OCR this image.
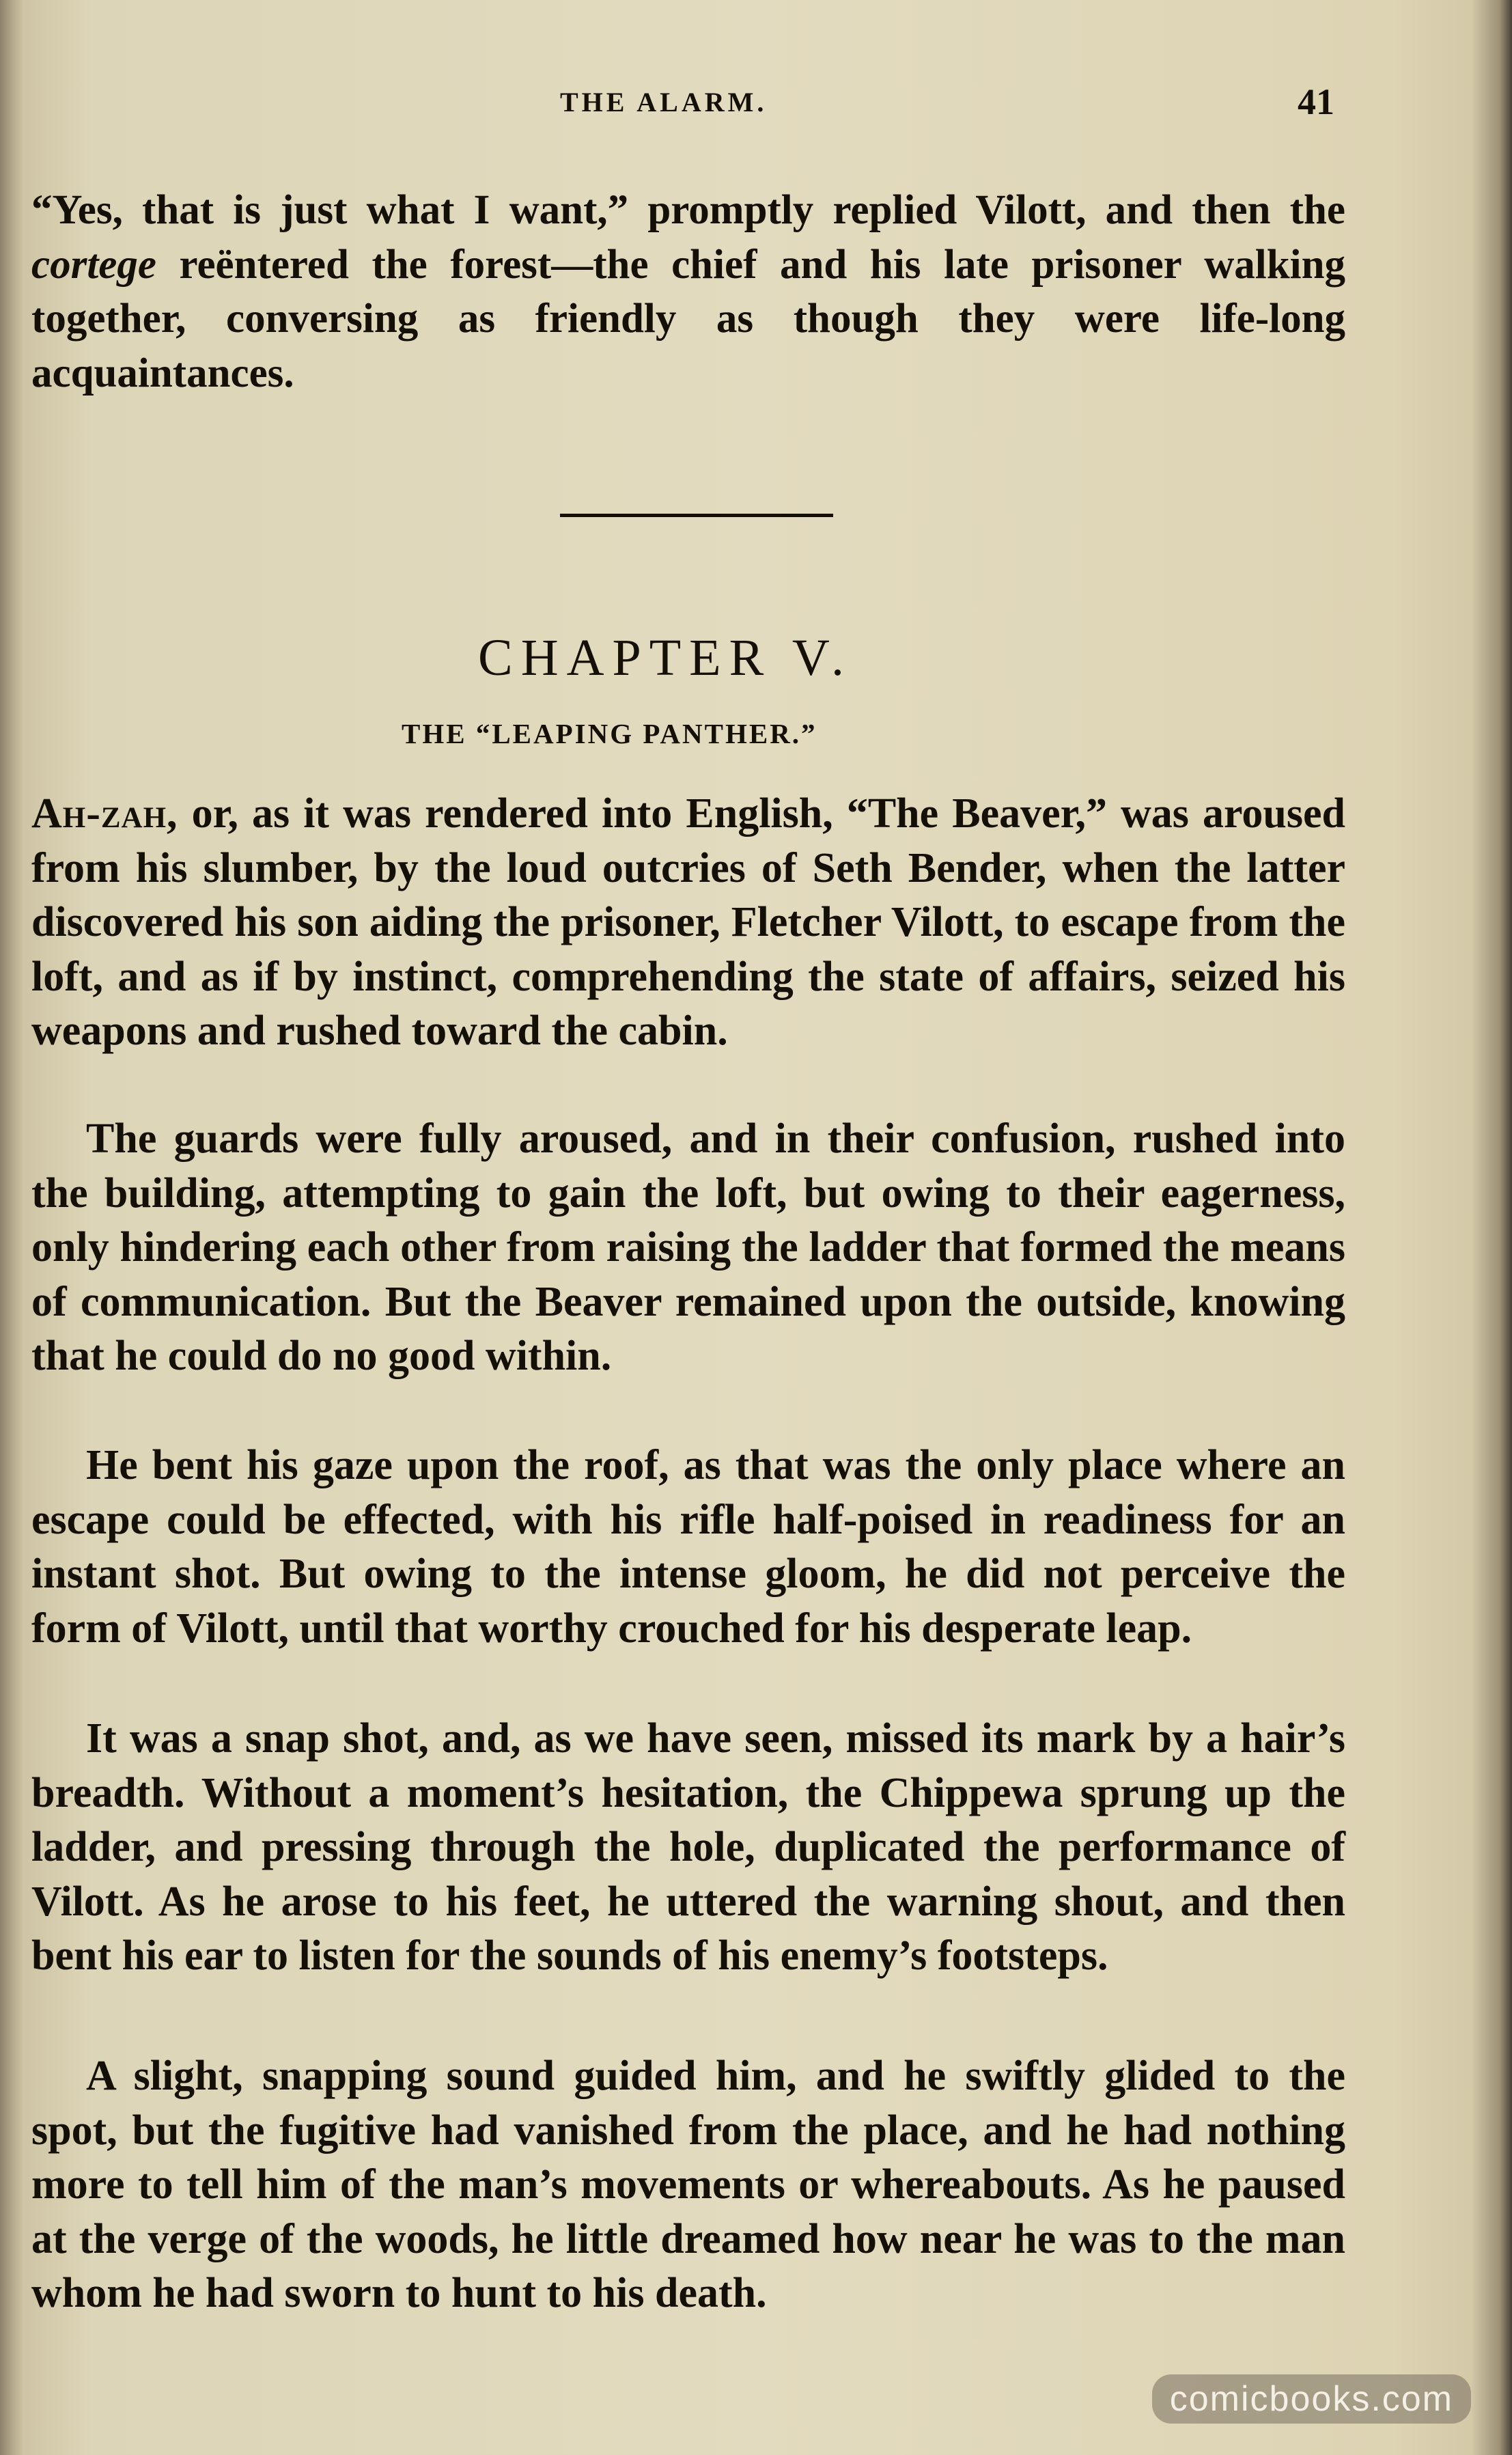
THE ALARM.	41

“Yes, that is just what I want,” promptly replied Vilott, and then the cortege reëntered the forest—the chief and his late prisoner walking together, conversing as friendly as though they were life-long acquaintances.

CHAPTER V.
THE “LEAPING PANTHER.”

Ah-zah, or, as it was rendered into English, “The Beaver,” was aroused from his slumber, by the loud outcries of Seth Bender, when the latter discovered his son aiding the prisoner, Fletcher Vilott, to escape from the loft, and as if by instinct, comprehending the state of affairs, seized his weapons and rushed toward the cabin.

The guards were fully aroused, and in their confusion, rushed into the building, attempting to gain the loft, but owing to their eagerness, only hindering each other from raising the ladder that formed the means of communication. But the Beaver remained upon the outside, knowing that he could do no good within.

He bent his gaze upon the roof, as that was the only place where an escape could be effected, with his rifle half-poised in readiness for an instant shot. But owing to the intense gloom, he did not perceive the form of Vilott, until that worthy crouched for his desperate leap.

It was a snap shot, and, as we have seen, missed its mark by a hair’s breadth. Without a moment’s hesitation, the Chippewa sprung up the ladder, and pressing through the hole, duplicated the performance of Vilott. As he arose to his feet, he uttered the warning shout, and then bent his ear to listen for the sounds of his enemy’s footsteps.

A slight, snapping sound guided him, and he swiftly glided to the spot, but the fugitive had vanished from the place, and he had nothing more to tell him of the man’s movements or whereabouts. As he paused at the verge of the woods, he little dreamed how near he was to the man whom he had sworn to hunt to his death.

comicbooks.com
